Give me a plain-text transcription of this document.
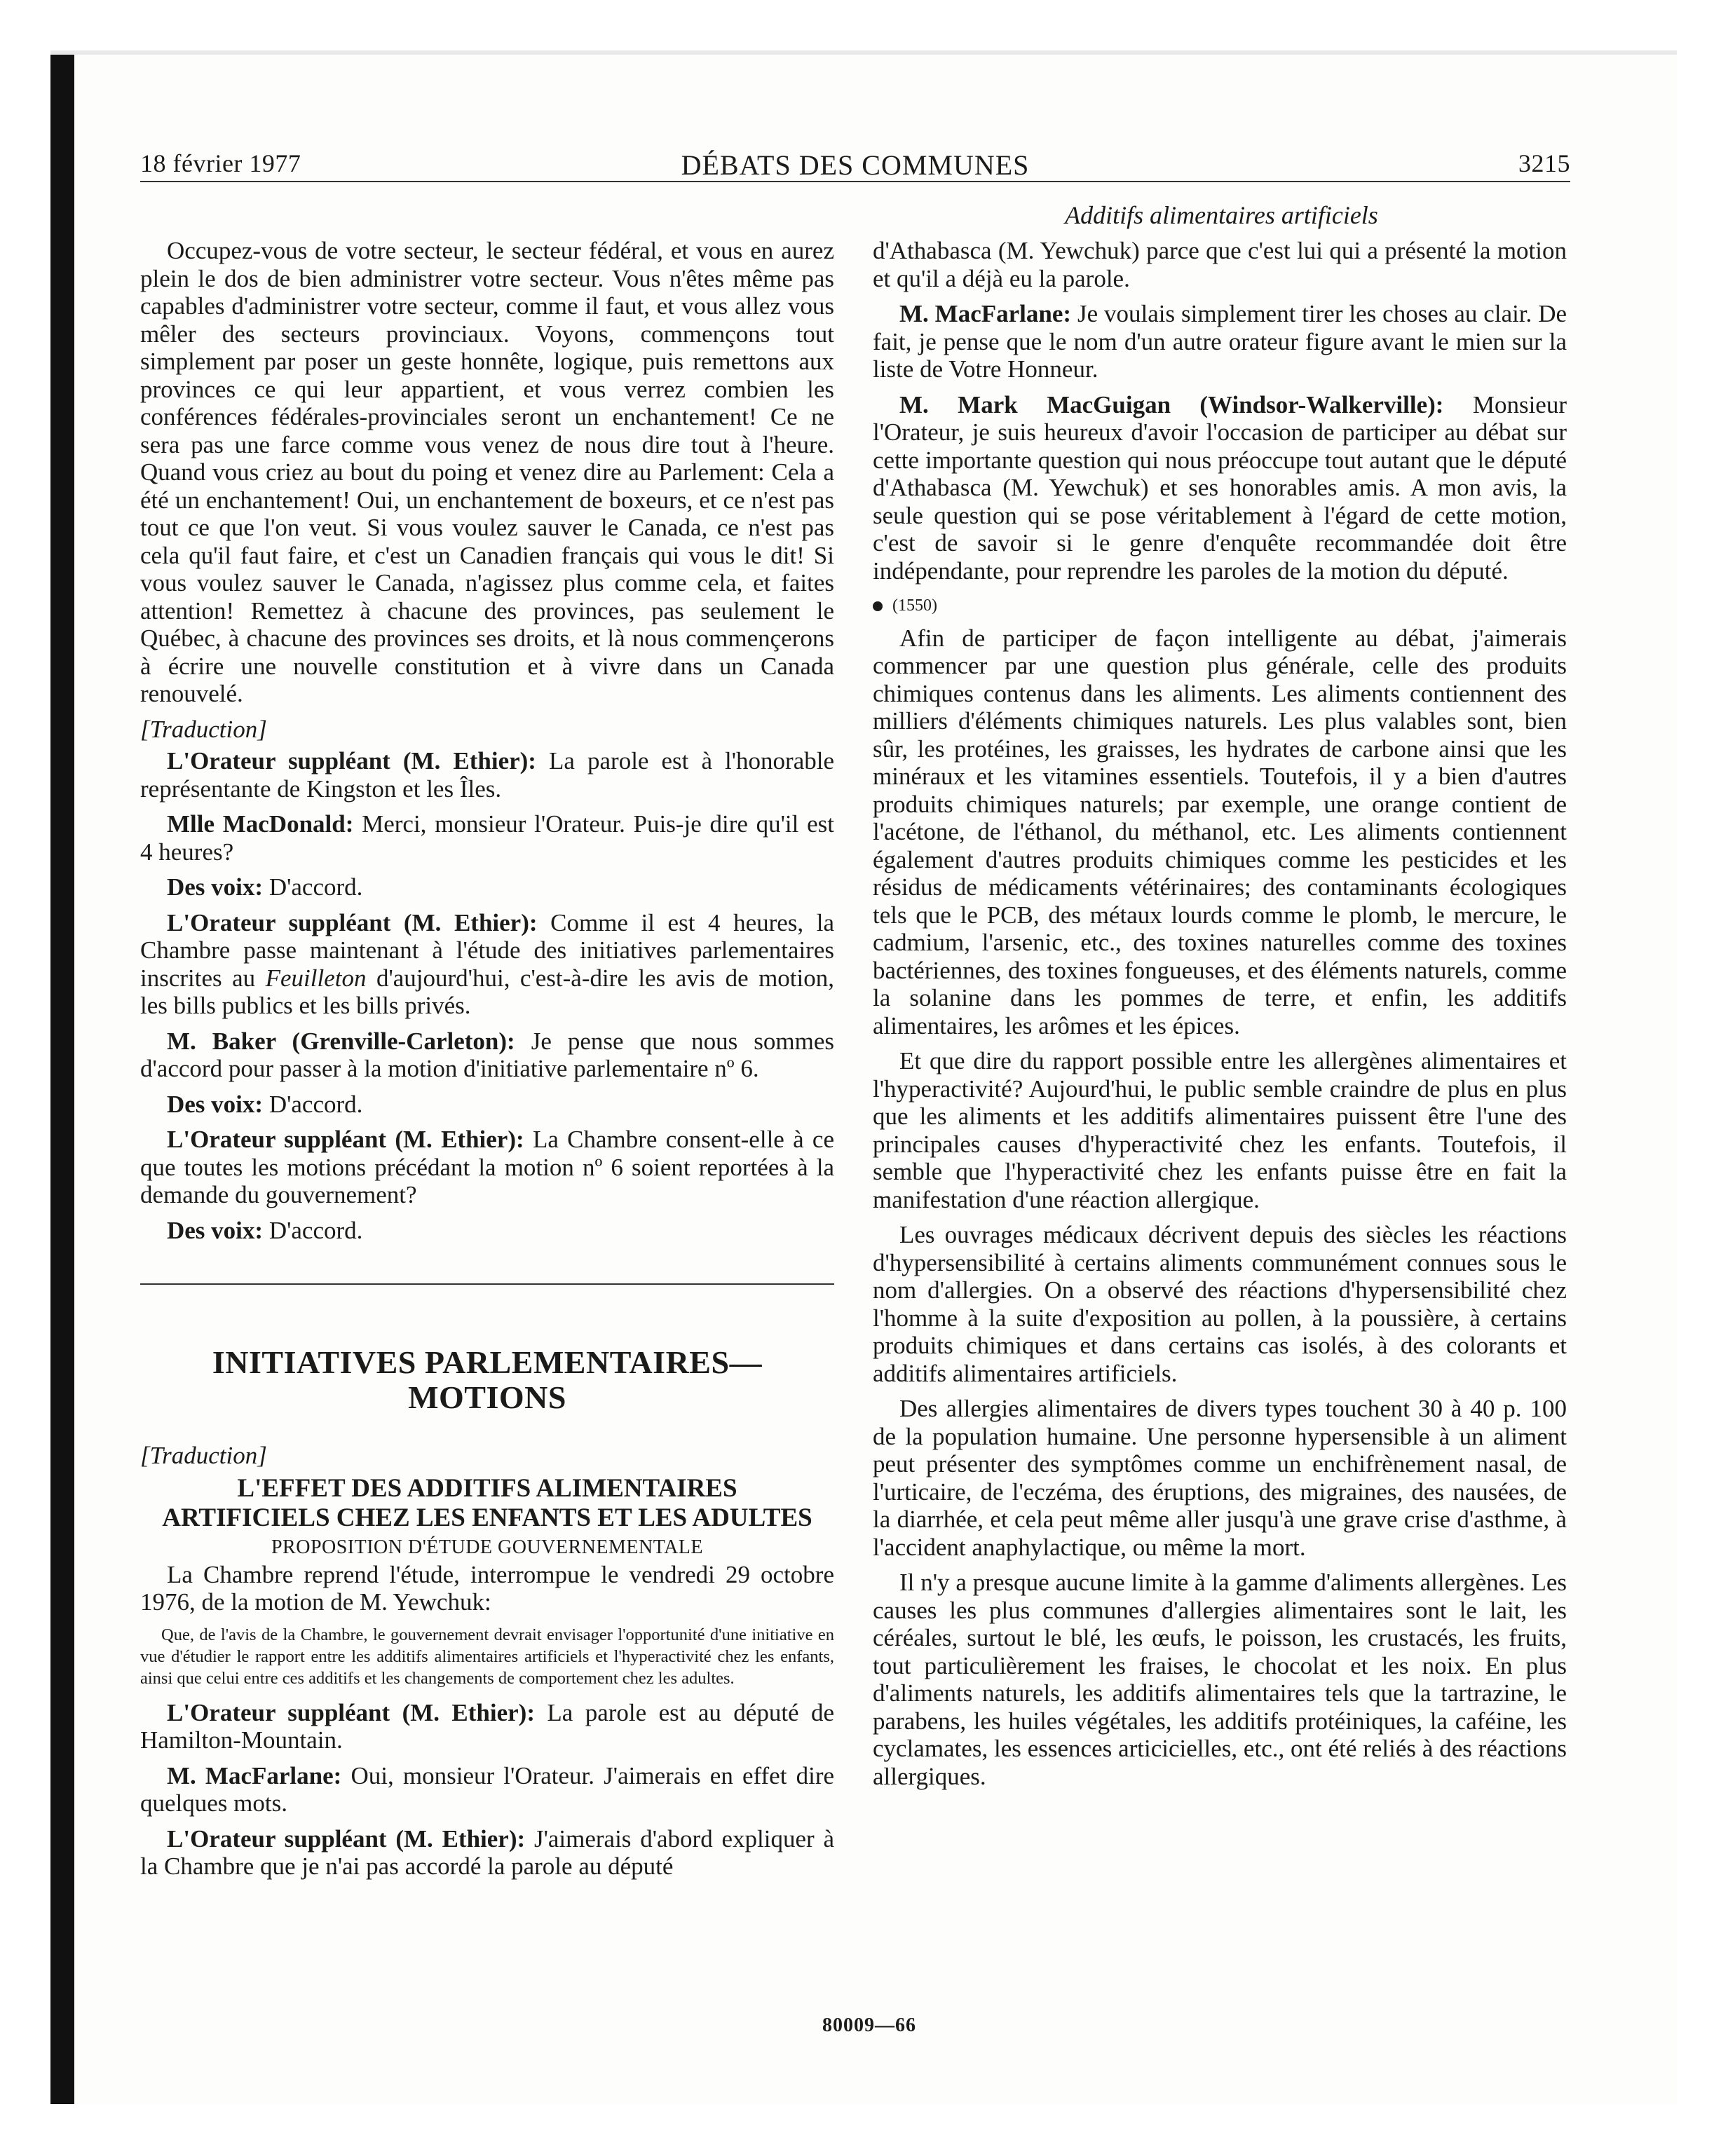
18 février 1977	DÉBATS DES COMMUNES	3215
Additifs alimentaires artificiels

Occupez-vous de votre secteur, le secteur fédéral, et vous en aurez plein le dos de bien administrer votre secteur. Vous n'êtes même pas capables d'administrer votre secteur, comme il faut, et vous allez vous mêler des secteurs provinciaux. Voyons, commençons tout simplement par poser un geste honnête, logique, puis remettons aux provinces ce qui leur appartient, et vous verrez combien les conférences fédérales-provinciales seront un enchantement! Ce ne sera pas une farce comme vous venez de nous dire tout à l'heure. Quand vous criez au bout du poing et venez dire au Parlement: Cela a été un enchantement! Oui, un enchantement de boxeurs, et ce n'est pas tout ce que l'on veut. Si vous voulez sauver le Canada, ce n'est pas cela qu'il faut faire, et c'est un Canadien français qui vous le dit! Si vous voulez sauver le Canada, n'agissez plus comme cela, et faites attention! Remettez à chacune des provinces, pas seulement le Québec, à chacune des provinces ses droits, et là nous commençerons à écrire une nouvelle constitution et à vivre dans un Canada renouvelé.

[Traduction]

L'Orateur suppléant (M. Ethier): La parole est à l'honorable représentante de Kingston et les Îles.

Mlle MacDonald: Merci, monsieur l'Orateur. Puis-je dire qu'il est 4 heures?

Des voix: D'accord.

L'Orateur suppléant (M. Ethier): Comme il est 4 heures, la Chambre passe maintenant à l'étude des initiatives parlementaires inscrites au Feuilleton d'aujourd'hui, c'est-à-dire les avis de motion, les bills publics et les bills privés.

M. Baker (Grenville-Carleton): Je pense que nous sommes d'accord pour passer à la motion d'initiative parlementaire nº 6.

Des voix: D'accord.

L'Orateur suppléant (M. Ethier): La Chambre consent-elle à ce que toutes les motions précédant la motion nº 6 soient reportées à la demande du gouvernement?

Des voix: D'accord.

INITIATIVES PARLEMENTAIRES—
MOTIONS
[Traduction]
L'EFFET DES ADDITIFS ALIMENTAIRES
ARTIFICIELS CHEZ LES ENFANTS ET LES ADULTES
PROPOSITION D'ÉTUDE GOUVERNEMENTALE

La Chambre reprend l'étude, interrompue le vendredi 29 octobre 1976, de la motion de M. Yewchuk:

Que, de l'avis de la Chambre, le gouvernement devrait envisager l'opportunité d'une initiative en vue d'étudier le rapport entre les additifs alimentaires artificiels et l'hyperactivité chez les enfants, ainsi que celui entre ces additifs et les changements de comportement chez les adultes.

L'Orateur suppléant (M. Ethier): La parole est au député de Hamilton-Mountain.

M. MacFarlane: Oui, monsieur l'Orateur. J'aimerais en effet dire quelques mots.

L'Orateur suppléant (M. Ethier): J'aimerais d'abord expliquer à la Chambre que je n'ai pas accordé la parole au député

d'Athabasca (M. Yewchuk) parce que c'est lui qui a présenté la motion et qu'il a déjà eu la parole.

M. MacFarlane: Je voulais simplement tirer les choses au clair. De fait, je pense que le nom d'un autre orateur figure avant le mien sur la liste de Votre Honneur.

M. Mark MacGuigan (Windsor-Walkerville): Monsieur l'Orateur, je suis heureux d'avoir l'occasion de participer au débat sur cette importante question qui nous préoccupe tout autant que le député d'Athabasca (M. Yewchuk) et ses honorables amis. A mon avis, la seule question qui se pose véritablement à l'égard de cette motion, c'est de savoir si le genre d'enquête recommandée doit être indépendante, pour reprendre les paroles de la motion du député.

(1550)

Afin de participer de façon intelligente au débat, j'aimerais commencer par une question plus générale, celle des produits chimiques contenus dans les aliments. Les aliments contiennent des milliers d'éléments chimiques naturels. Les plus valables sont, bien sûr, les protéines, les graisses, les hydrates de carbone ainsi que les minéraux et les vitamines essentiels. Toutefois, il y a bien d'autres produits chimiques naturels; par exemple, une orange contient de l'acétone, de l'éthanol, du méthanol, etc. Les aliments contiennent également d'autres produits chimiques comme les pesticides et les résidus de médicaments vétérinaires; des contaminants écologiques tels que le PCB, des métaux lourds comme le plomb, le mercure, le cadmium, l'arsenic, etc., des toxines naturelles comme des toxines bactériennes, des toxines fongueuses, et des éléments naturels, comme la solanine dans les pommes de terre, et enfin, les additifs alimentaires, les arômes et les épices.

Et que dire du rapport possible entre les allergènes alimentaires et l'hyperactivité? Aujourd'hui, le public semble craindre de plus en plus que les aliments et les additifs alimentaires puissent être l'une des principales causes d'hyperactivité chez les enfants. Toutefois, il semble que l'hyperactivité chez les enfants puisse être en fait la manifestation d'une réaction allergique.

Les ouvrages médicaux décrivent depuis des siècles les réactions d'hypersensibilité à certains aliments communément connues sous le nom d'allergies. On a observé des réactions d'hypersensibilité chez l'homme à la suite d'exposition au pollen, à la poussière, à certains produits chimiques et dans certains cas isolés, à des colorants et additifs alimentaires artificiels.

Des allergies alimentaires de divers types touchent 30 à 40 p. 100 de la population humaine. Une personne hypersensible à un aliment peut présenter des symptômes comme un enchifrènement nasal, de l'urticaire, de l'eczéma, des éruptions, des migraines, des nausées, de la diarrhée, et cela peut même aller jusqu'à une grave crise d'asthme, à l'accident anaphylactique, ou même la mort.

Il n'y a presque aucune limite à la gamme d'aliments allergènes. Les causes les plus communes d'allergies alimentaires sont le lait, les céréales, surtout le blé, les œufs, le poisson, les crustacés, les fruits, tout particulièrement les fraises, le chocolat et les noix. En plus d'aliments naturels, les additifs alimentaires tels que la tartrazine, le parabens, les huiles végétales, les additifs protéiniques, la caféine, les cyclamates, les essences articicielles, etc., ont été reliés à des réactions allergiques.

80009—66
